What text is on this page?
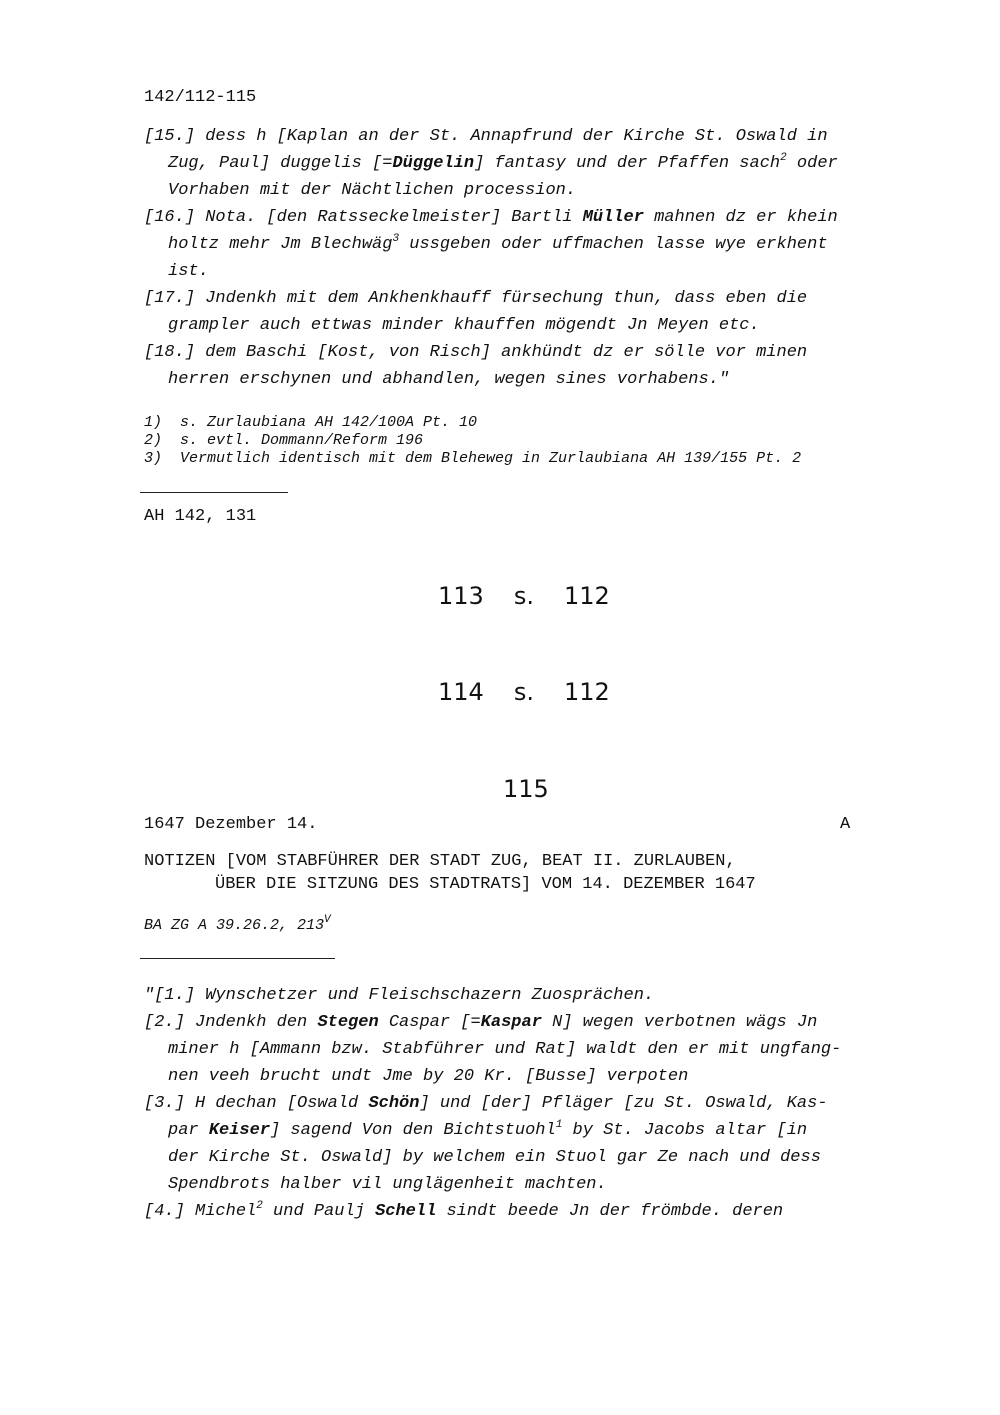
142/112-115
[15.] dess h [Kaplan an der St. Annapfrund der Kirche St. Oswald in
Zug, Paul] duggelis [=Düggelin] fantasy und der Pfaffen sach$^2$ oder
Vorhaben mit der Nächtlichen procession.
[16.] Nota. [den Ratsseckelmeister] Bartli Müller mahnen dz er khein
holtz mehr Jm Blechwäg$^3$ ussgeben oder uffmachen lasse wye erkhent
ist.
[17.] Jndenkh mit dem Ankhenkhauff fürsechung thun, dass eben die
grampler auch ettwas minder khauffen mögendt Jn Meyen etc.
[18.] dem Baschi [Kost, von Risch] ankhündt dz er sölle vor minen
herren erschynen und abhandlen, wegen sines vorhabens."
1) s. Zurlaubiana AH 142/100A Pt. 10
2) s. evtl. Dommann/Reform 196
3) Vermutlich identisch mit dem Bleheweg in Zurlaubiana AH 139/155 Pt. 2
AH 142, 131
113 s. 112
114 s. 112
115
1647 Dezember 14.	A
NOTIZEN [VOM STABFÜHRER DER STADT ZUG, BEAT II. ZURLAUBEN,
ÜBER DIE SITZUNG DES STADTRATS] VOM 14. DEZEMBER 1647
BA ZG A 39.26.2, $213^V$
"[1.] Wynschetzer und Fleischschazern Zuosprächen.
[2.] Jndenkh den Stegen Caspar [=Kaspar N] wegen verbotnen wägs Jn
miner h [Ammann bzw. Stabführer und Rat] waldt den er mit ungfang-
nen veeh brucht undt Jme by 20 Kr. [Busse] verpoten
[3.] H dechan [Oswald Schön] und [der] Pfläger [zu St. Oswald, Kas-
par Keiser] sagend Von den Bichtstuohl$^1$ by St. Jacobs altar [in
der Kirche St. Oswald] by welchem ein Stuol gar Ze nach und dess
Spendbrots halber vil unglägenheit machten.
[4.] Michel$^2$ und Paulj Schell sindt beede Jn der frömbde. deren
